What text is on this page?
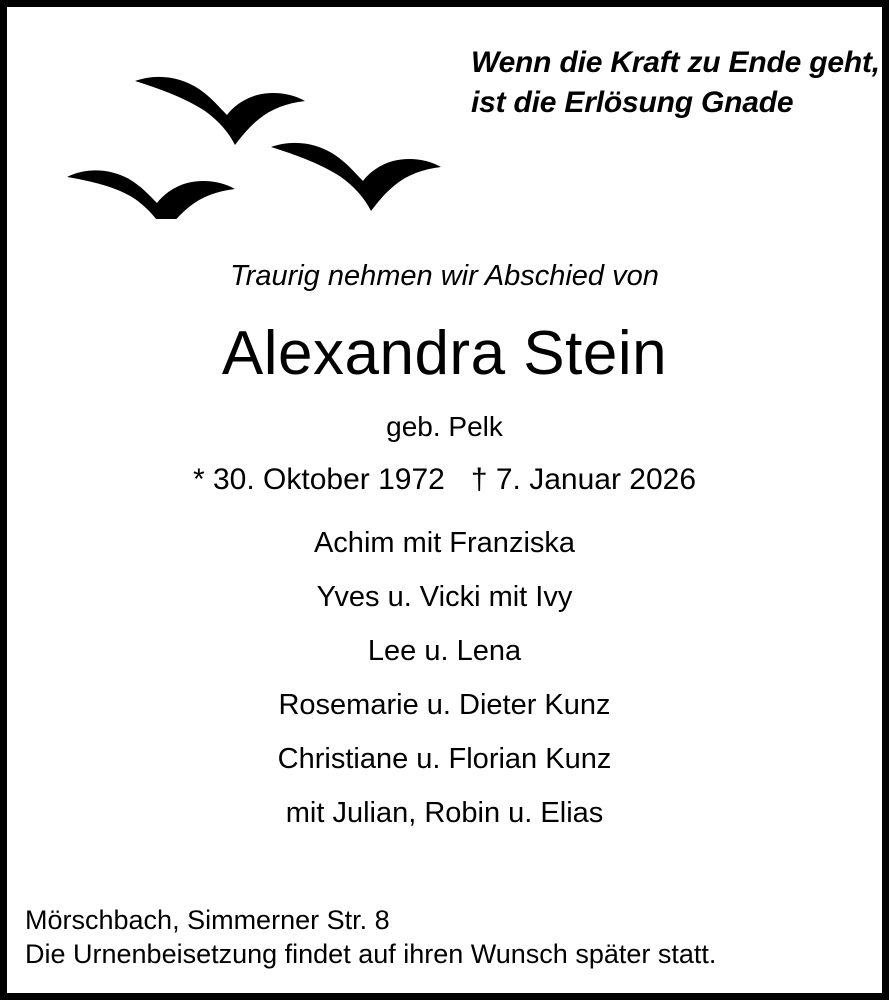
Wenn die Kraft zu Ende geht,
ist die Erlösung Gnade
Traurig nehmen wir Abschied von
Alexandra Stein
geb. Pelk
* 30. Oktober 1972 † 7. Januar 2026
Achim mit Franziska
Yves u. Vicki mit Ivy
Lee u. Lena
Rosemarie u. Dieter Kunz
Christiane u. Florian Kunz
mit Julian, Robin u. Elias
Mörschbach, Simmerner Str. 8
Die Urnenbeisetzung findet auf ihren Wunsch später statt.
